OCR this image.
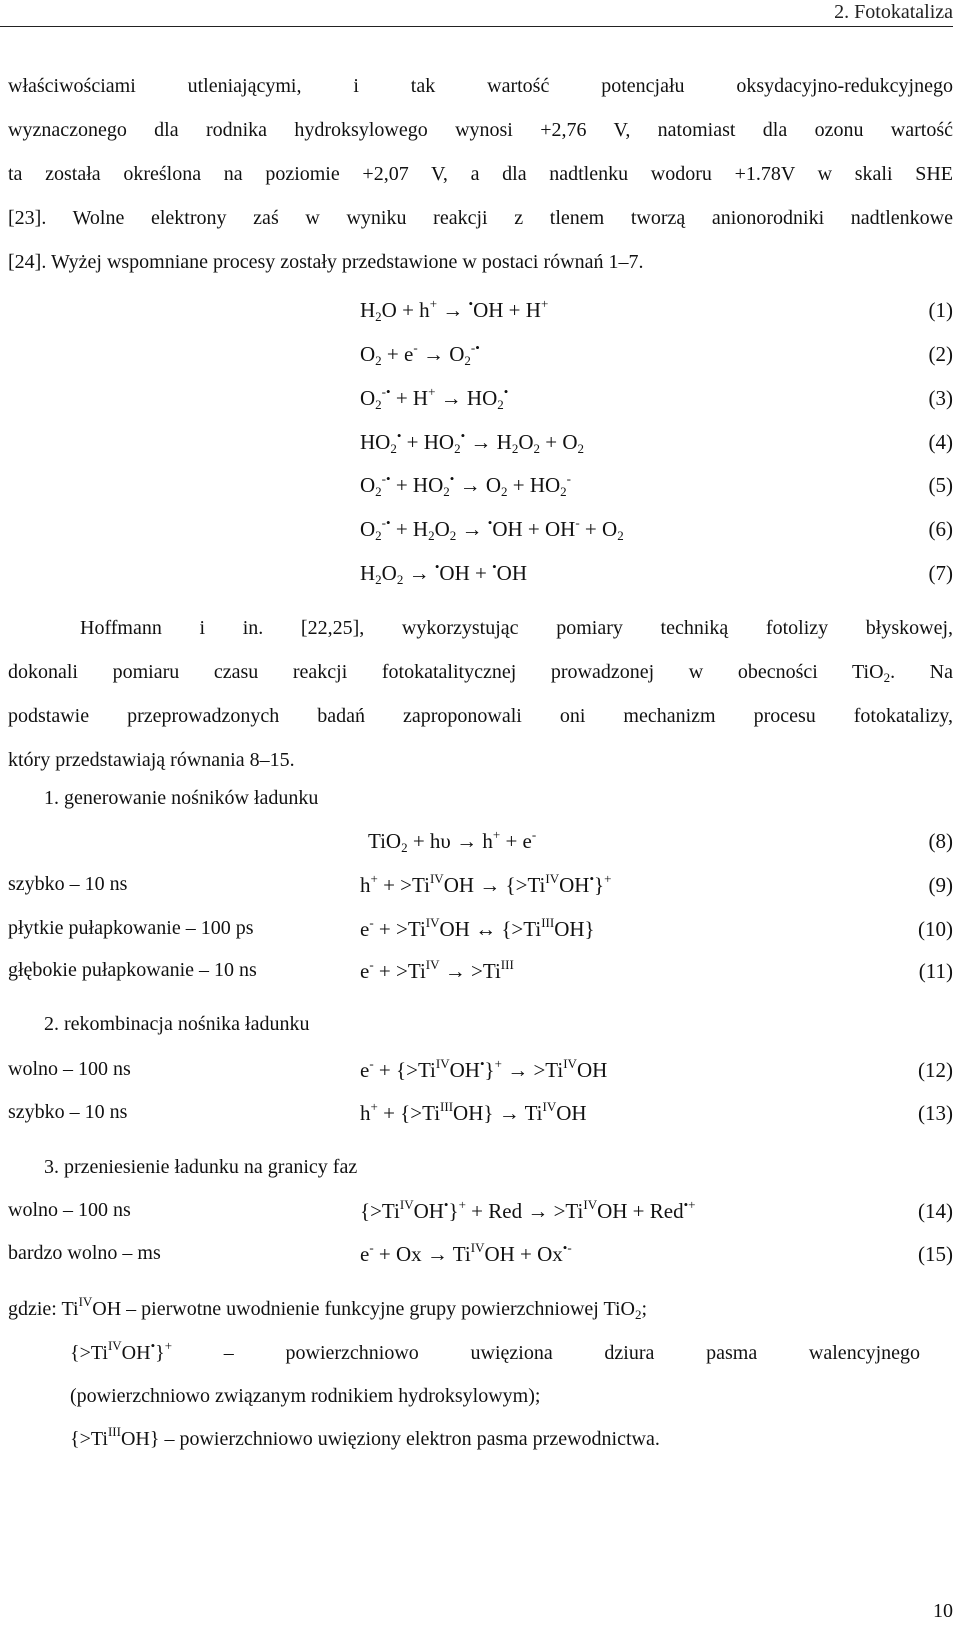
2. Fotokataliza
właściwościami utleniającymi, i tak wartość potencjału oksydacyjno-redukcyjnego
wyznaczonego dla rodnika hydroksylowego wynosi +2,76 V, natomiast dla ozonu wartość
ta została określona na poziomie +2,07 V, a dla nadtlenku wodoru +1.78V w skali SHE
[23]. Wolne elektrony zaś w wyniku reakcji z tlenem tworzą anionorodniki nadtlenkowe
[24]. Wyżej wspomniane procesy zostały przedstawione w postaci równań 1–7.
$H_2O + h^+ \to ^•OH + H^+$	(1)
$O_2 + e^- \to O_2^{-•}$	(2)
$O_2^{-•} + H^+ \to HO_2^•$	(3)
$HO_2^• + HO_2^• \to H_2O_2 + O_2$	(4)
$O_2^{-•} + HO_2^• \to O_2 + HO_2^-$	(5)
$O_2^{-•} + H_2O_2 \to ^•OH + OH^- + O_2$	(6)
$H_2O_2 \to ^•OH + ^•OH$	(7)
Hoffmann i in. [22,25], wykorzystując pomiary techniką fotolizy błyskowej,
dokonali pomiaru czasu reakcji fotokatalitycznej prowadzonej w obecności TiO$_2$. Na
podstawie przeprowadzonych badań zaproponowali oni mechanizm procesu fotokatalizy,
który przedstawiają równania 8–15.
1. generowanie nośników ładunku
TiO$_2$ + hυ → h+ + e-	(8)
szybko – 10 ns	$h^+ + >Ti^{IV}OH \to \{>Ti^{IV}OH^•\}^+$	(9)
płytkie pułapkowanie – 100 ps	$e^- + >Ti^{IV}OH$ ↔ $\{>Ti^{III}OH\}$	(10)
głębokie pułapkowanie – 10 ns	$e^- + >Ti^{IV} \to >Ti^{III}$	(11)
2. rekombinacja nośnika ładunku
wolno – 100 ns	$e^- + \{>Ti^{IV}OH^•\}^+ \to >Ti^{IV}OH$	(12)
szybko – 10 ns	$h^+ + \{>Ti^{III}OH\} \to Ti^{IV}OH$	(13)
3. przeniesienie ładunku na granicy faz
wolno – 100 ns	$\{>Ti^{IV}OH^•\}^+$ + Red → $>Ti^{IV}OH + Red^{•+}$	(14)
bardzo wolno – ms	$e^- + Ox \to Ti^{IV}OH + Ox^{•-}$	(15)
gdzie: $Ti^{IV}OH$ – pierwotne uwodnienie funkcyjne grupy powierzchniowej TiO$_2$;
$\{>Ti^{IV}OH^•\}^+$   –   powierzchniowo   uwięziona   dziura   pasma   walencyjnego
(powierzchniowo związanym rodnikiem hydroksylowym);
$\{>Ti^{III}OH\}$ – powierzchniowo uwięziony elektron pasma przewodnictwa.
10
